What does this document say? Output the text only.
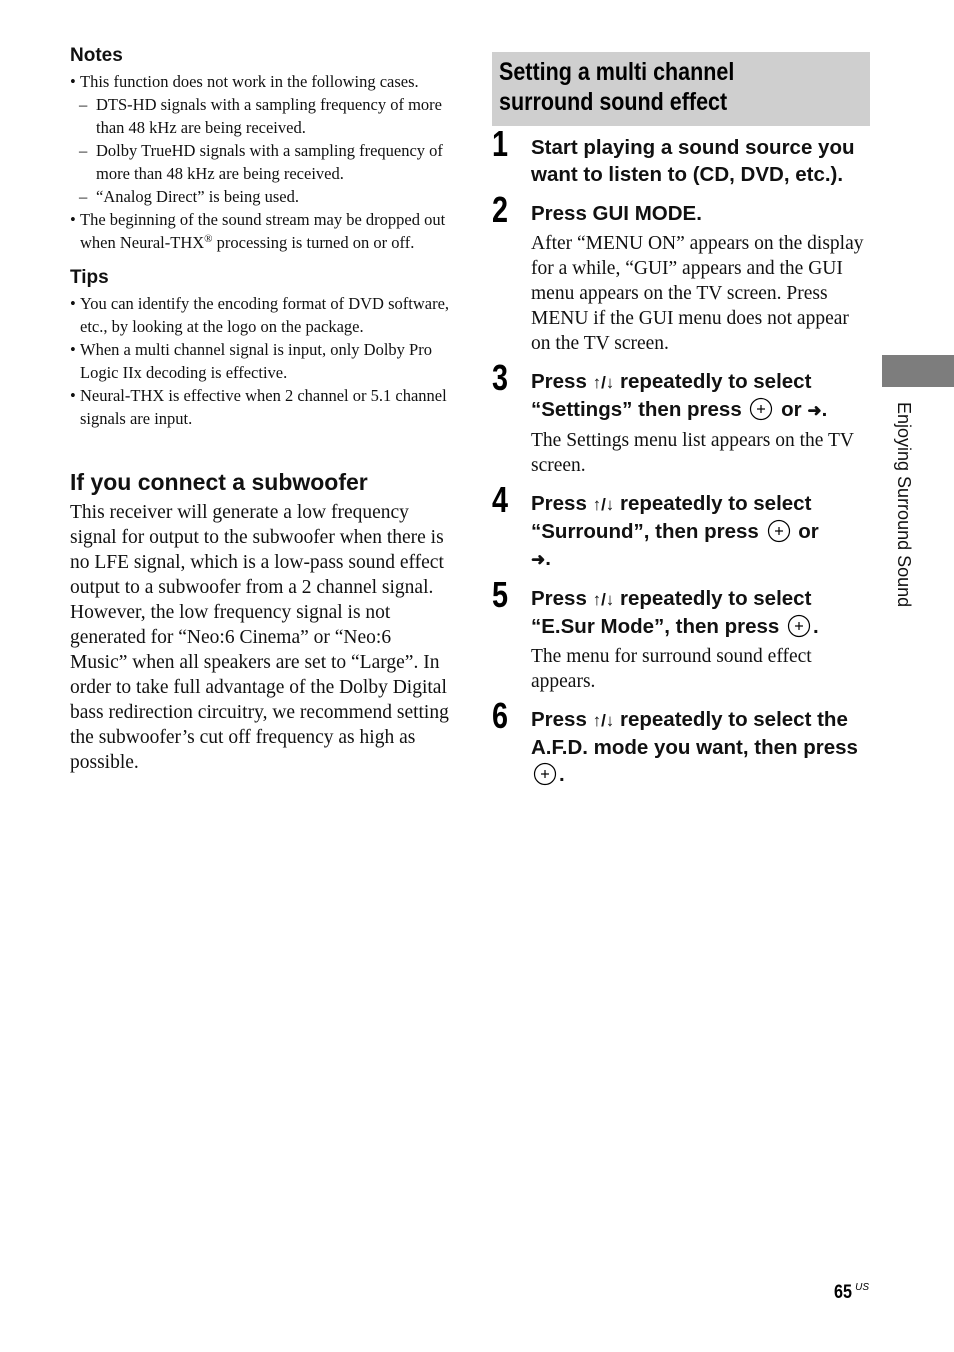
Notes
• This function does not work in the following cases.
– DTS-HD signals with a sampling frequency of more than 48 kHz are being received.
– Dolby TrueHD signals with a sampling frequency of more than 48 kHz are being received.
– “Analog Direct” is being used.
• The beginning of the sound stream may be dropped out when Neural-THX® processing is turned on or off.
Tips
• You can identify the encoding format of DVD software, etc., by looking at the logo on the package.
• When a multi channel signal is input, only Dolby Pro Logic IIx decoding is effective.
• Neural-THX is effective when 2 channel or 5.1 channel signals are input.
If you connect a subwoofer

This receiver will generate a low frequency signal for output to the subwoofer when there is no LFE signal, which is a low-pass sound effect output to a subwoofer from a 2 channel signal. However, the low frequency signal is not generated for “Neo:6 Cinema” or “Neo:6 Music” when all speakers are set to “Large”. In order to take full advantage of the Dolby Digital bass redirection circuitry, we recommend setting the subwoofer’s cut off frequency as high as possible.

Setting a multi channel
surround sound effect
1 Start playing a sound source you want to listen to (CD, DVD, etc.).

2 Press GUI MODE.

After “MENU ON” appears on the display for a while, “GUI” appears and the GUI menu appears on the TV screen. Press MENU if the GUI menu does not appear on the TV screen.

3 Press ↑/↓ repeatedly to select “Settings” then press  or ➜.

The Settings menu list appears on the TV screen.

4 Press ↑/↓ repeatedly to select “Surround”, then press  or
➜.

5 Press ↑/↓ repeatedly to select “E.Sur Mode”, then press .

The menu for surround sound effect appears.

6 Press ↑/↓ repeatedly to select the A.F.D. mode you want, then press .

Enjoying Surround Sound
65 $^{US}$
